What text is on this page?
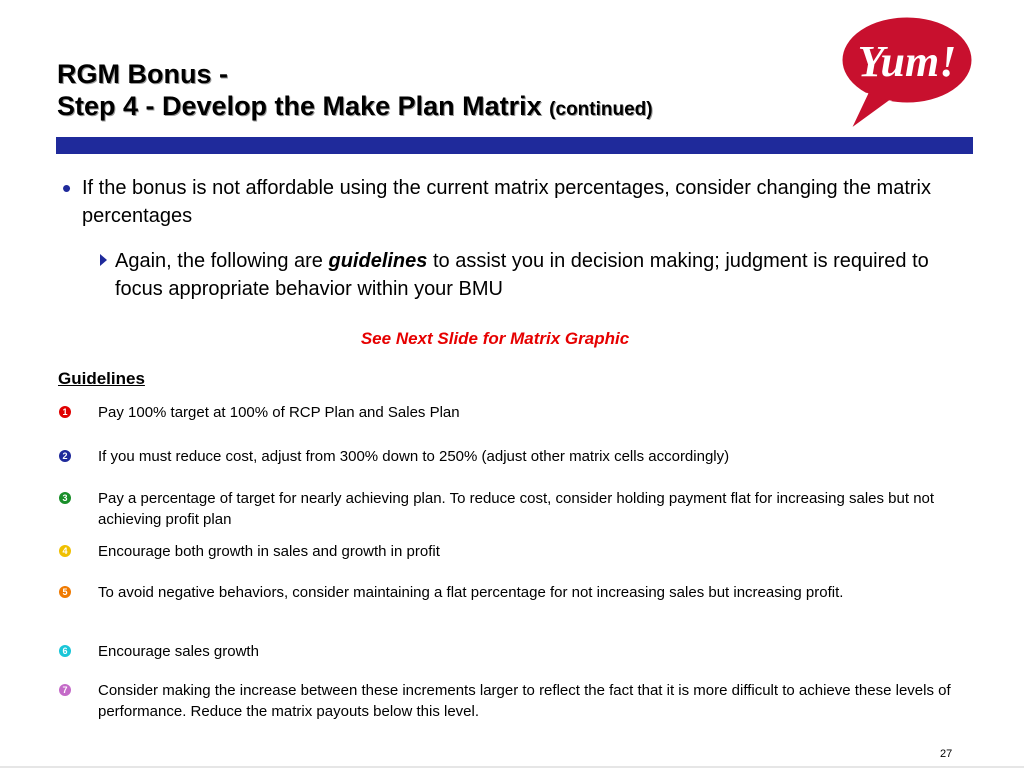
RGM Bonus -
Step 4 - Develop the Make Plan Matrix (continued)
Yum!
• If the bonus is not affordable using the current matrix percentages, consider changing the matrix percentages
Again, the following are guidelines to assist you in decision making; judgment is required to focus appropriate behavior within your BMU
See Next Slide for Matrix Graphic
Guidelines
1	Pay 100% target at 100% of RCP Plan and Sales Plan
2	If you must reduce cost, adjust from 300% down to 250% (adjust other matrix cells accordingly)
3	Pay a percentage of target for nearly achieving plan. To reduce cost, consider holding payment flat for increasing sales but not achieving profit plan
4	Encourage both growth in sales and growth in profit
5	To avoid negative behaviors, consider maintaining a flat percentage for not increasing sales but increasing profit.
6	Encourage sales growth
7	Consider making the increase between these increments larger to reflect the fact that it is more difficult to achieve these levels of performance. Reduce the matrix payouts below this level.
27
